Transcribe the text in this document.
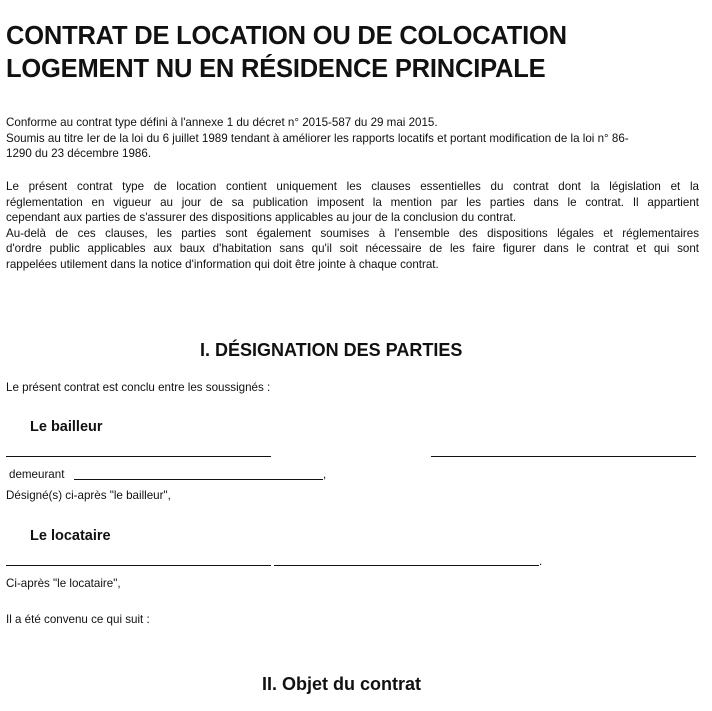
CONTRAT DE LOCATION OU DE COLOCATION
LOGEMENT NU EN RÉSIDENCE PRINCIPALE

Conforme au contrat type défini à l'annexe 1 du décret n° 2015-587 du 29 mai 2015.
Soumis au titre Ier de la loi du 6 juillet 1989 tendant à améliorer les rapports locatifs et portant modification de la loi n° 86-
1290 du 23 décembre 1986.

Le présent contrat type de location contient uniquement les clauses essentielles du contrat dont la législation et la
réglementation en vigueur au jour de sa publication imposent la mention par les parties dans le contrat. Il appartient
cependant aux parties de s'assurer des dispositions applicables au jour de la conclusion du contrat.
Au-delà de ces clauses, les parties sont également soumises à l'ensemble des dispositions légales et réglementaires
d'ordre public applicables aux baux d'habitation sans qu'il soit nécessaire de les faire figurer dans le contrat et qui sont
rappelées utilement dans la notice d'information qui doit être jointe à chaque contrat.

I. DÉSIGNATION DES PARTIES

Le présent contrat est conclu entre les soussignés :

Le bailleur

demeurant	,

Désigné(s) ci-après "le bailleur",

Le locataire

.

Ci-après "le locataire",

Il a été convenu ce qui suit :

II. Objet du contrat
